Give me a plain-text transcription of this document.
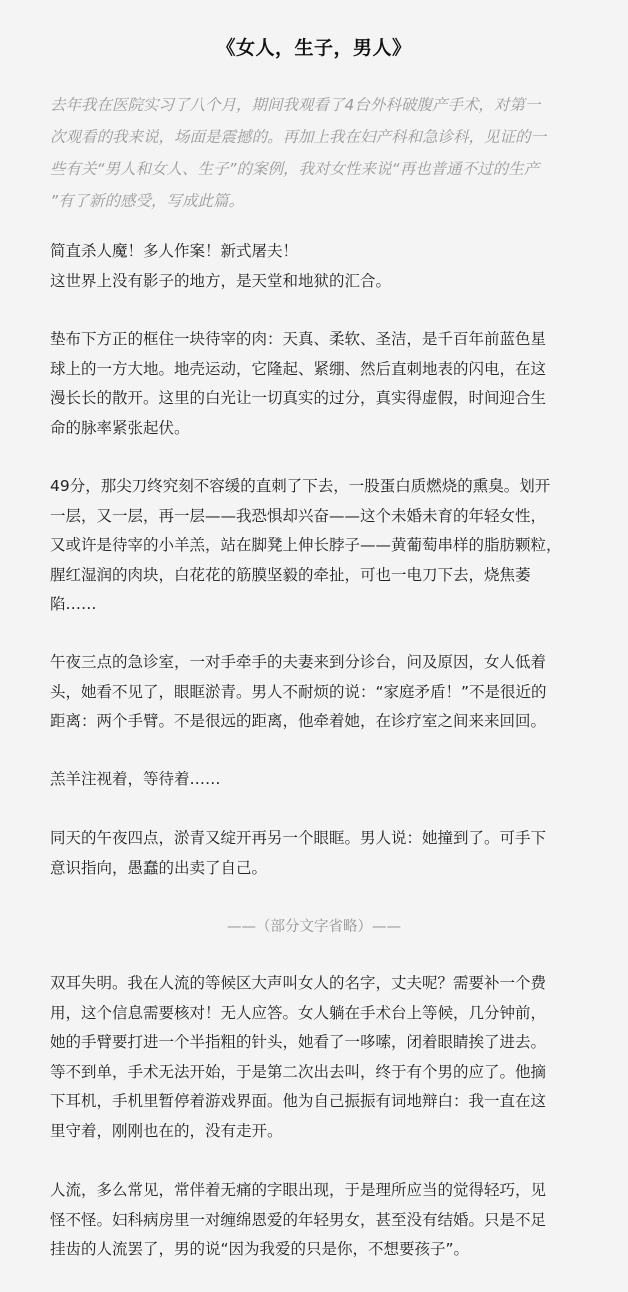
《女人，生子，男人》
去年我在医院实习了八个月，期间我观看了4台外科破腹产手术，对第一
次观看的我来说，场面是震撼的。再加上我在妇产科和急诊科，见证的一
些有关“男人和女人、生子”的案例，我对女性来说“再也普通不过的生产
”有了新的感受，写成此篇。
简直杀人魔！多人作案！新式屠夫！
这世界上没有影子的地方，是天堂和地狱的汇合。
垫布下方正的框住一块待宰的肉：天真、柔软、圣洁，是千百年前蓝色星
球上的一方大地。地壳运动，它隆起、紧绷、然后直刺地表的闪电，在这
漫长长的散开。这里的白光让一切真实的过分，真实得虚假，时间迎合生
命的脉率紧张起伏。
49分，那尖刀终究刻不容缓的直刺了下去，一股蛋白质燃烧的熏臭。划开
一层，又一层，再一层——我恐惧却兴奋——这个未婚未育的年轻女性，
又或许是待宰的小羊羔，站在脚凳上伸长脖子——黄葡萄串样的脂肪颗粒，
腥红湿润的肉块，白花花的筋膜坚毅的牵扯，可也一电刀下去，烧焦萎
陷……
午夜三点的急诊室，一对手牵手的夫妻来到分诊台，问及原因，女人低着
头，她看不见了，眼眶淤青。男人不耐烦的说：“家庭矛盾！”不是很近的
距离：两个手臂。不是很远的距离，他牵着她，在诊疗室之间来来回回。
羔羊注视着，等待着……
同天的午夜四点，淤青又绽开再另一个眼眶。男人说：她撞到了。可手下
意识指向，愚蠢的出卖了自己。
——（部分文字省略）——
双耳失明。我在人流的等候区大声叫女人的名字，丈夫呢？需要补一个费
用，这个信息需要核对！无人应答。女人躺在手术台上等候，几分钟前，
她的手臂要打进一个半指粗的针头，她看了一哆嗦，闭着眼睛挨了进去。
等不到单，手术无法开始，于是第二次出去叫，终于有个男的应了。他摘
下耳机，手机里暂停着游戏界面。他为自己振振有词地辩白：我一直在这
里守着，刚刚也在的，没有走开。
人流，多么常见，常伴着无痛的字眼出现，于是理所应当的觉得轻巧，见
怪不怪。妇科病房里一对缠绵恩爱的年轻男女，甚至没有结婚。只是不足
挂齿的人流罢了，男的说“因为我爱的只是你，不想要孩子”。
